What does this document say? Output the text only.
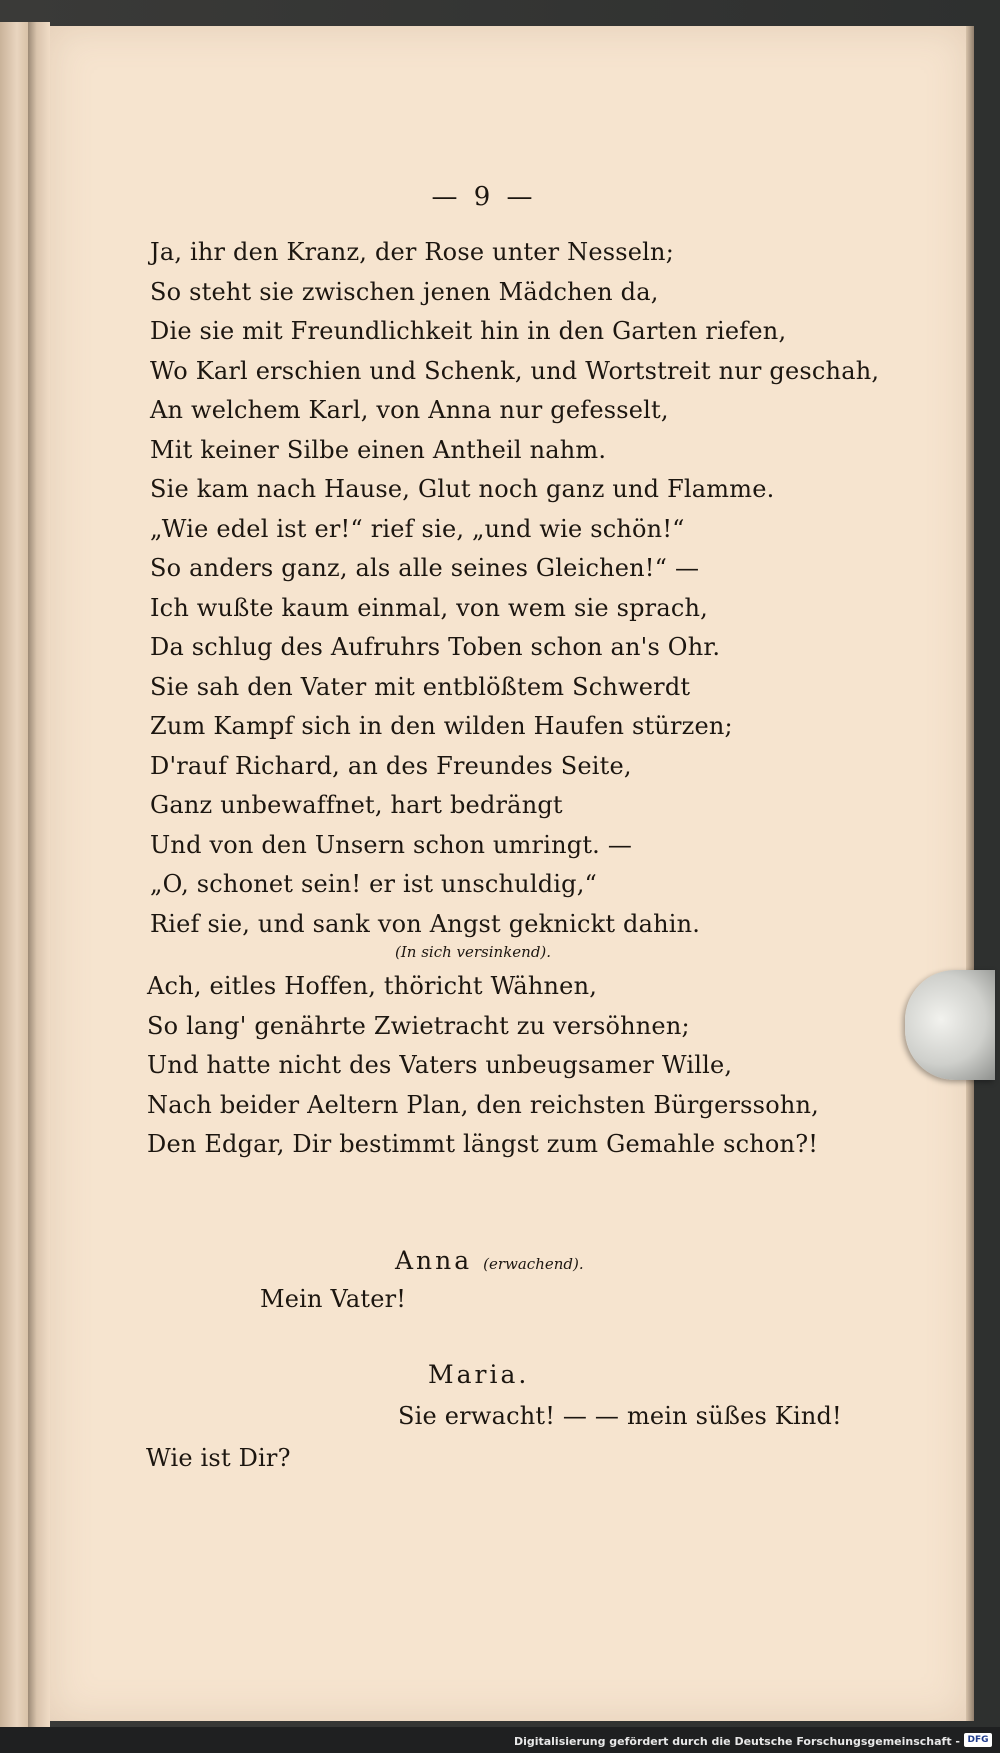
— 9 —
Ja, ihr den Kranz, der Rose unter Nesseln;
So steht sie zwischen jenen Mädchen da,
Die sie mit Freundlichkeit hin in den Garten riefen,
Wo Karl erschien und Schenk, und Wortstreit nur geschah,
An welchem Karl, von Anna nur gefesselt,
Mit keiner Silbe einen Antheil nahm.
Sie kam nach Hause, Glut noch ganz und Flamme.
„Wie edel ist er!“ rief sie, „und wie schön!“
So anders ganz, als alle seines Gleichen!“ —
Ich wußte kaum einmal, von wem sie sprach,
Da schlug des Aufruhrs Toben schon an's Ohr.
Sie sah den Vater mit entblößtem Schwerdt
Zum Kampf sich in den wilden Haufen stürzen;
D'rauf Richard, an des Freundes Seite,
Ganz unbewaffnet, hart bedrängt
Und von den Unsern schon umringt. —
„O, schonet sein! er ist unschuldig,“
Rief sie, und sank von Angst geknickt dahin.
(In sich versinkend).
Ach, eitles Hoffen, thöricht Wähnen,
So lang' genährte Zwietracht zu versöhnen;
Und hatte nicht des Vaters unbeugsamer Wille,
Nach beider Aeltern Plan, den reichsten Bürgerssohn,
Den Edgar, Dir bestimmt längst zum Gemahle schon?!
Anna (erwachend).
Mein Vater!
Maria.
Sie erwacht! — — mein süßes Kind!
Wie ist Dir?
Digitalisierung gefördert durch die Deutsche Forschungsgemeinschaft - DFG
